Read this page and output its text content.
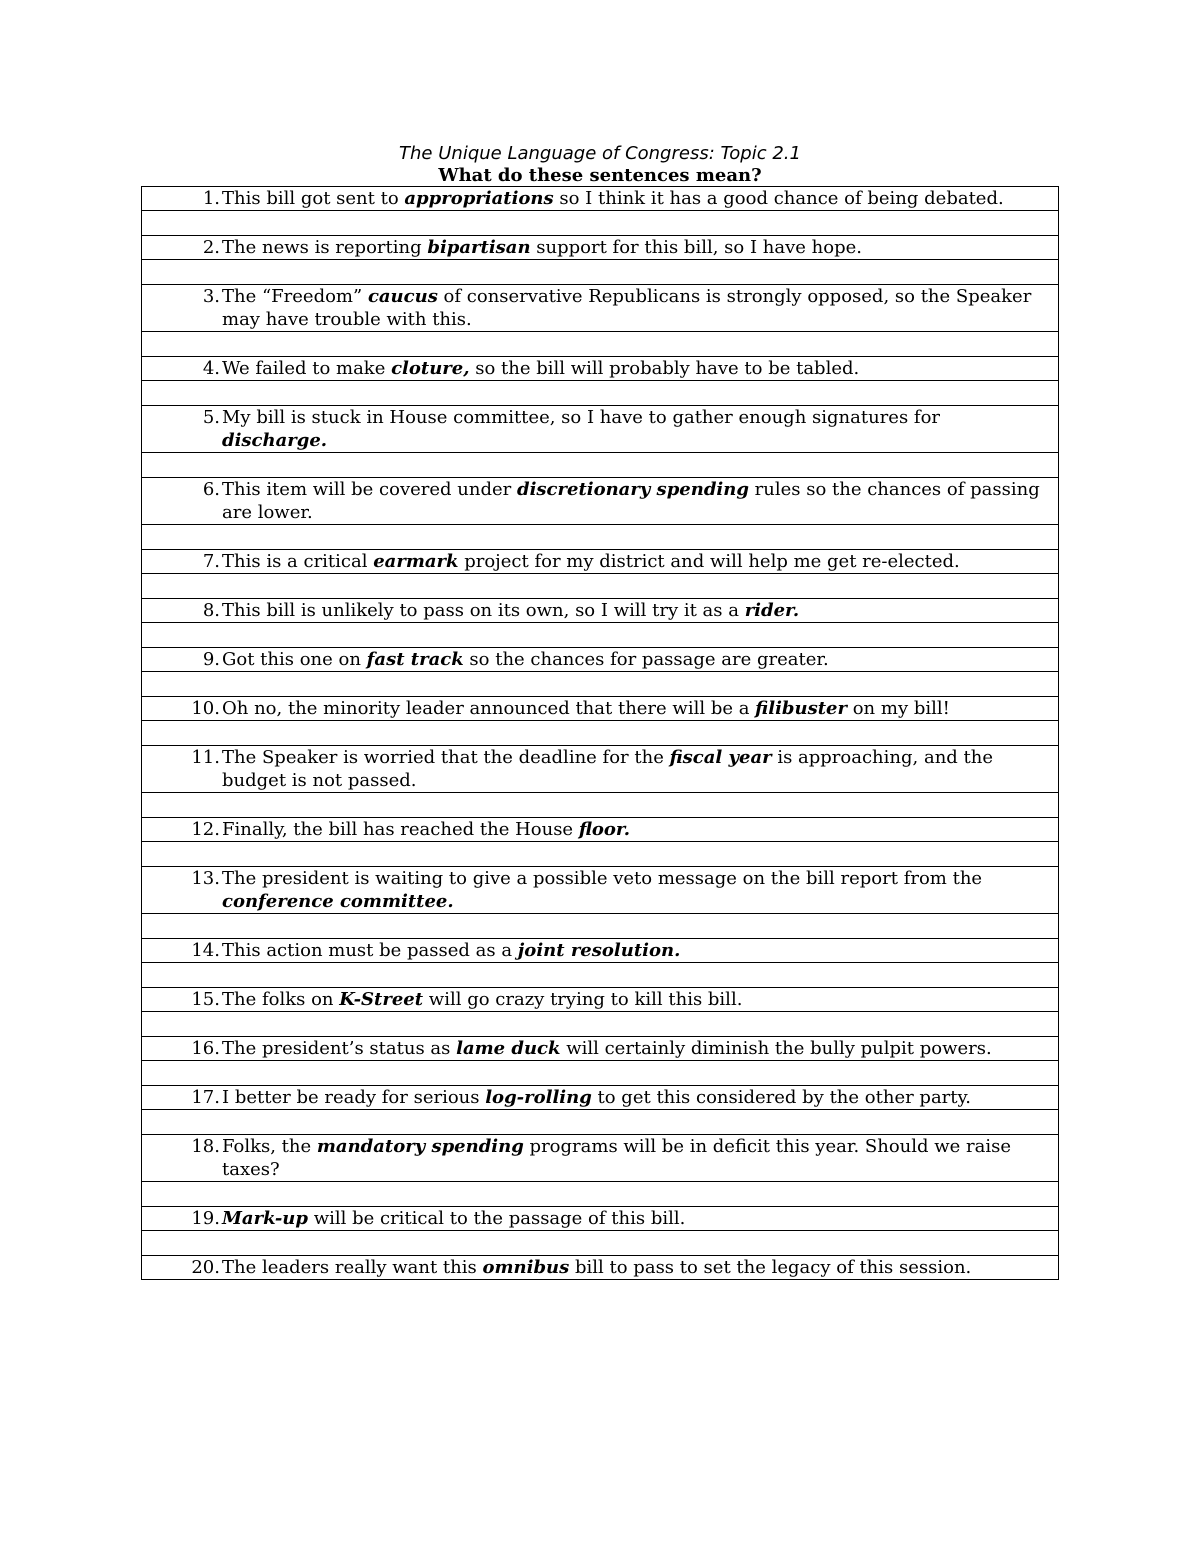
The Unique Language of Congress: Topic 2.1
What do these sentences mean?
1. This bill got sent to appropriations so I think it has a good chance of being debated.

2. The news is reporting bipartisan support for this bill, so I have hope.

3. The “Freedom” caucus of conservative Republicans is strongly opposed, so the Speaker may have trouble with this.

4. We failed to make cloture, so the bill will probably have to be tabled.

5. My bill is stuck in House committee, so I have to gather enough signatures for discharge.

6. This item will be covered under discretionary spending rules so the chances of passing are lower.

7. This is a critical earmark project for my district and will help me get re-elected.

8. This bill is unlikely to pass on its own, so I will try it as a rider.

9. Got this one on fast track so the chances for passage are greater.

10. Oh no, the minority leader announced that there will be a filibuster on my bill!

11. The Speaker is worried that the deadline for the fiscal year is approaching, and the budget is not passed.

12. Finally, the bill has reached the House floor.

13. The president is waiting to give a possible veto message on the bill report from the conference committee.

14. This action must be passed as a joint resolution.

15. The folks on K-Street will go crazy trying to kill this bill.

16. The president’s status as lame duck will certainly diminish the bully pulpit powers.

17. I better be ready for serious log-rolling to get this considered by the other party.

18. Folks, the mandatory spending programs will be in deficit this year. Should we raise taxes?

19. Mark-up will be critical to the passage of this bill.

20. The leaders really want this omnibus bill to pass to set the legacy of this session.
